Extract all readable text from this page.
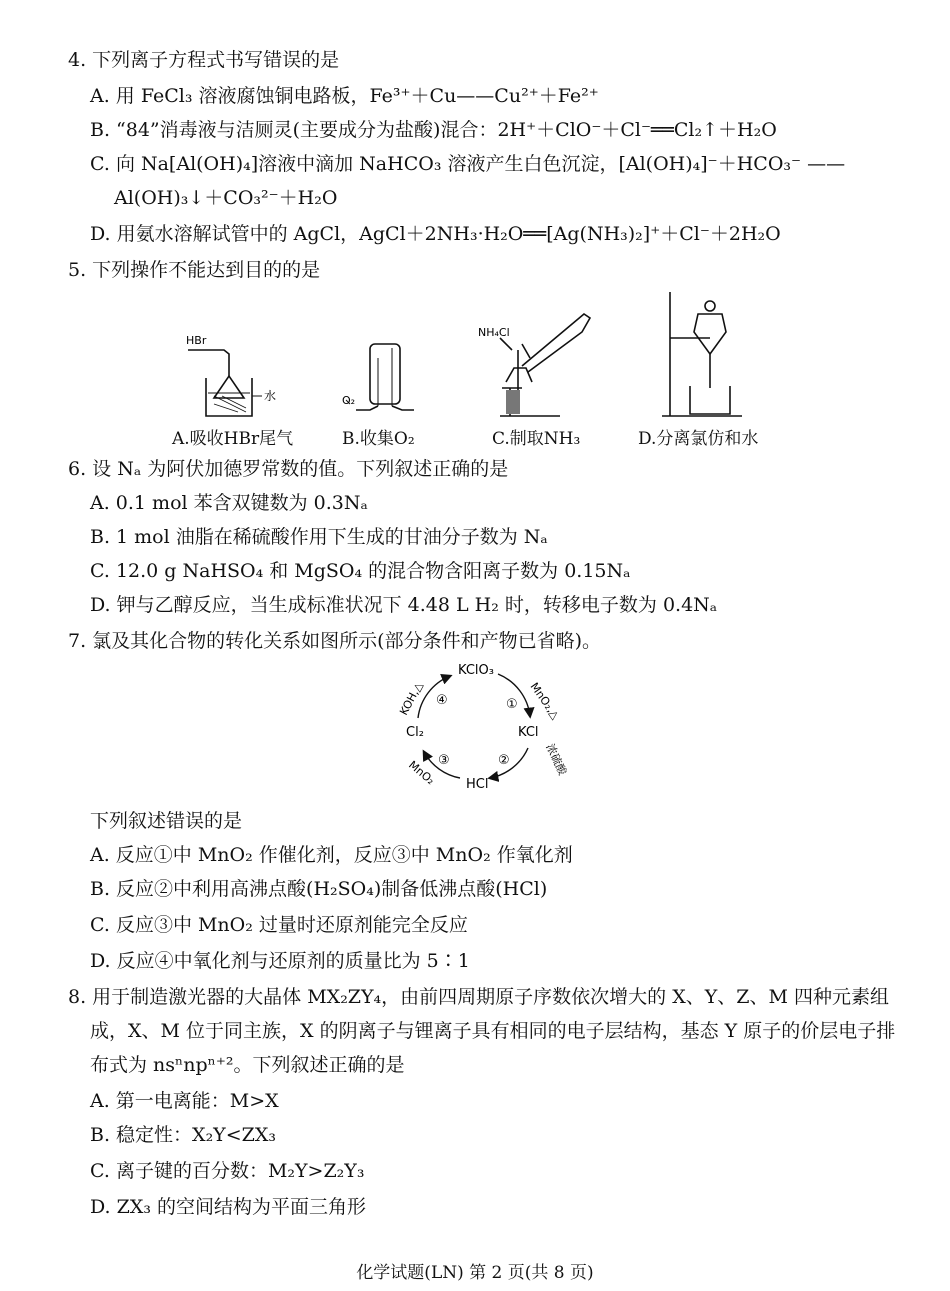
4. 下列离子方程式书写错误的是
A. 用 FeCl₃ 溶液腐蚀铜电路板，Fe³⁺＋Cu——Cu²⁺＋Fe²⁺
B. “84”消毒液与洁厕灵(主要成分为盐酸)混合：2H⁺＋ClO⁻＋Cl⁻══Cl₂↑＋H₂O
C. 向 Na[Al(OH)₄]溶液中滴加 NaHCO₃ 溶液产生白色沉淀，[Al(OH)₄]⁻＋HCO₃⁻ ——
Al(OH)₃↓＋CO₃²⁻＋H₂O
D. 用氨水溶解试管中的 AgCl，AgCl＋2NH₃·H₂O══[Ag(NH₃)₂]⁺＋Cl⁻＋2H₂O
5. 下列操作不能达到目的的是
HBr
水	O₂
NH₄Cl
A.吸收HBr尾气	B.收集O₂	C.制取NH₃	D.分离氯仿和水
6. 设 Nₐ 为阿伏加德罗常数的值。下列叙述正确的是
A. 0.1 mol 苯含双键数为 0.3Nₐ
B. 1 mol 油脂在稀硫酸作用下生成的甘油分子数为 Nₐ
C. 12.0 g NaHSO₄ 和 MgSO₄ 的混合物含阳离子数为 0.15Nₐ
D. 钾与乙醇反应，当生成标准状况下 4.48 L H₂ 时，转移电子数为 0.4Nₐ
7. 氯及其化合物的转化关系如图所示(部分条件和产物已省略)。
KClO₃
KCl
HCl
Cl₂
①
②
③
④	MnO₂,△
浓硫酸
MnO₂
KOH,△
下列叙述错误的是
A. 反应①中 MnO₂ 作催化剂，反应③中 MnO₂ 作氧化剂
B. 反应②中利用高沸点酸(H₂SO₄)制备低沸点酸(HCl)
C. 反应③中 MnO₂ 过量时还原剂能完全反应
D. 反应④中氧化剂与还原剂的质量比为 5∶1
8. 用于制造激光器的大晶体 MX₂ZY₄，由前四周期原子序数依次增大的 X、Y、Z、M 四种元素组
成，X、M 位于同主族，X 的阴离子与锂离子具有相同的电子层结构，基态 Y 原子的价层电子排
布式为 nsⁿnpⁿ⁺²。下列叙述正确的是
A. 第一电离能：M>X
B. 稳定性：X₂Y<ZX₃
C. 离子键的百分数：M₂Y>Z₂Y₃
D. ZX₃ 的空间结构为平面三角形
化学试题(LN) 第 2 页(共 8 页)
